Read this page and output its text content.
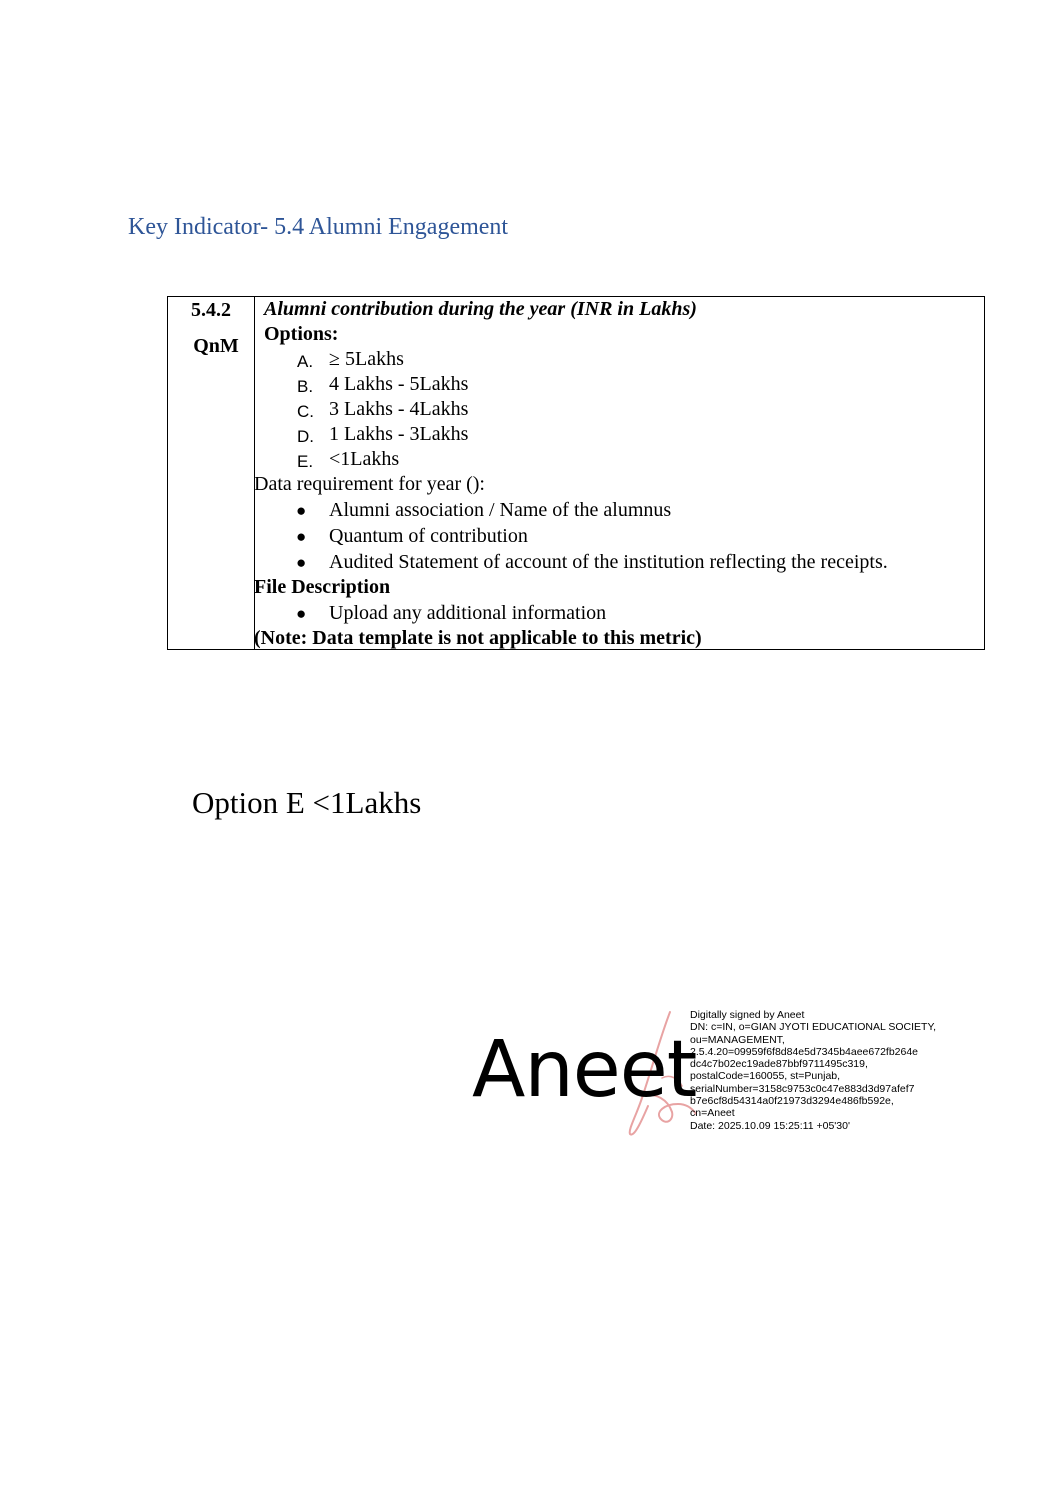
Key Indicator- 5.4 Alumni Engagement
5.4.2
QnM
Alumni contribution during the year (INR in Lakhs)
Options:
A. ≥ 5Lakhs
B. 4 Lakhs - 5Lakhs
C. 3 Lakhs - 4Lakhs
D. 1 Lakhs - 3Lakhs
E. <1Lakhs
Data requirement for year ():
● Alumni association / Name of the alumnus
● Quantum of contribution
● Audited Statement of account of the institution reflecting the receipts.
File Description
● Upload any additional information
(Note: Data template is not applicable to this metric)
Option E <1Lakhs
Aneet
Digitally signed by Aneet
DN: c=IN, o=GIAN JYOTI EDUCATIONAL SOCIETY,
ou=MANAGEMENT,
2.5.4.20=09959f6f8d84e5d7345b4aee672fb264e
dc4c7b02ec19ade87bbf9711495c319,
postalCode=160055, st=Punjab,
serialNumber=3158c9753c0c47e883d3d97afef7
b7e6cf8d54314a0f21973d3294e486fb592e,
cn=Aneet
Date: 2025.10.09 15:25:11 +05'30'
